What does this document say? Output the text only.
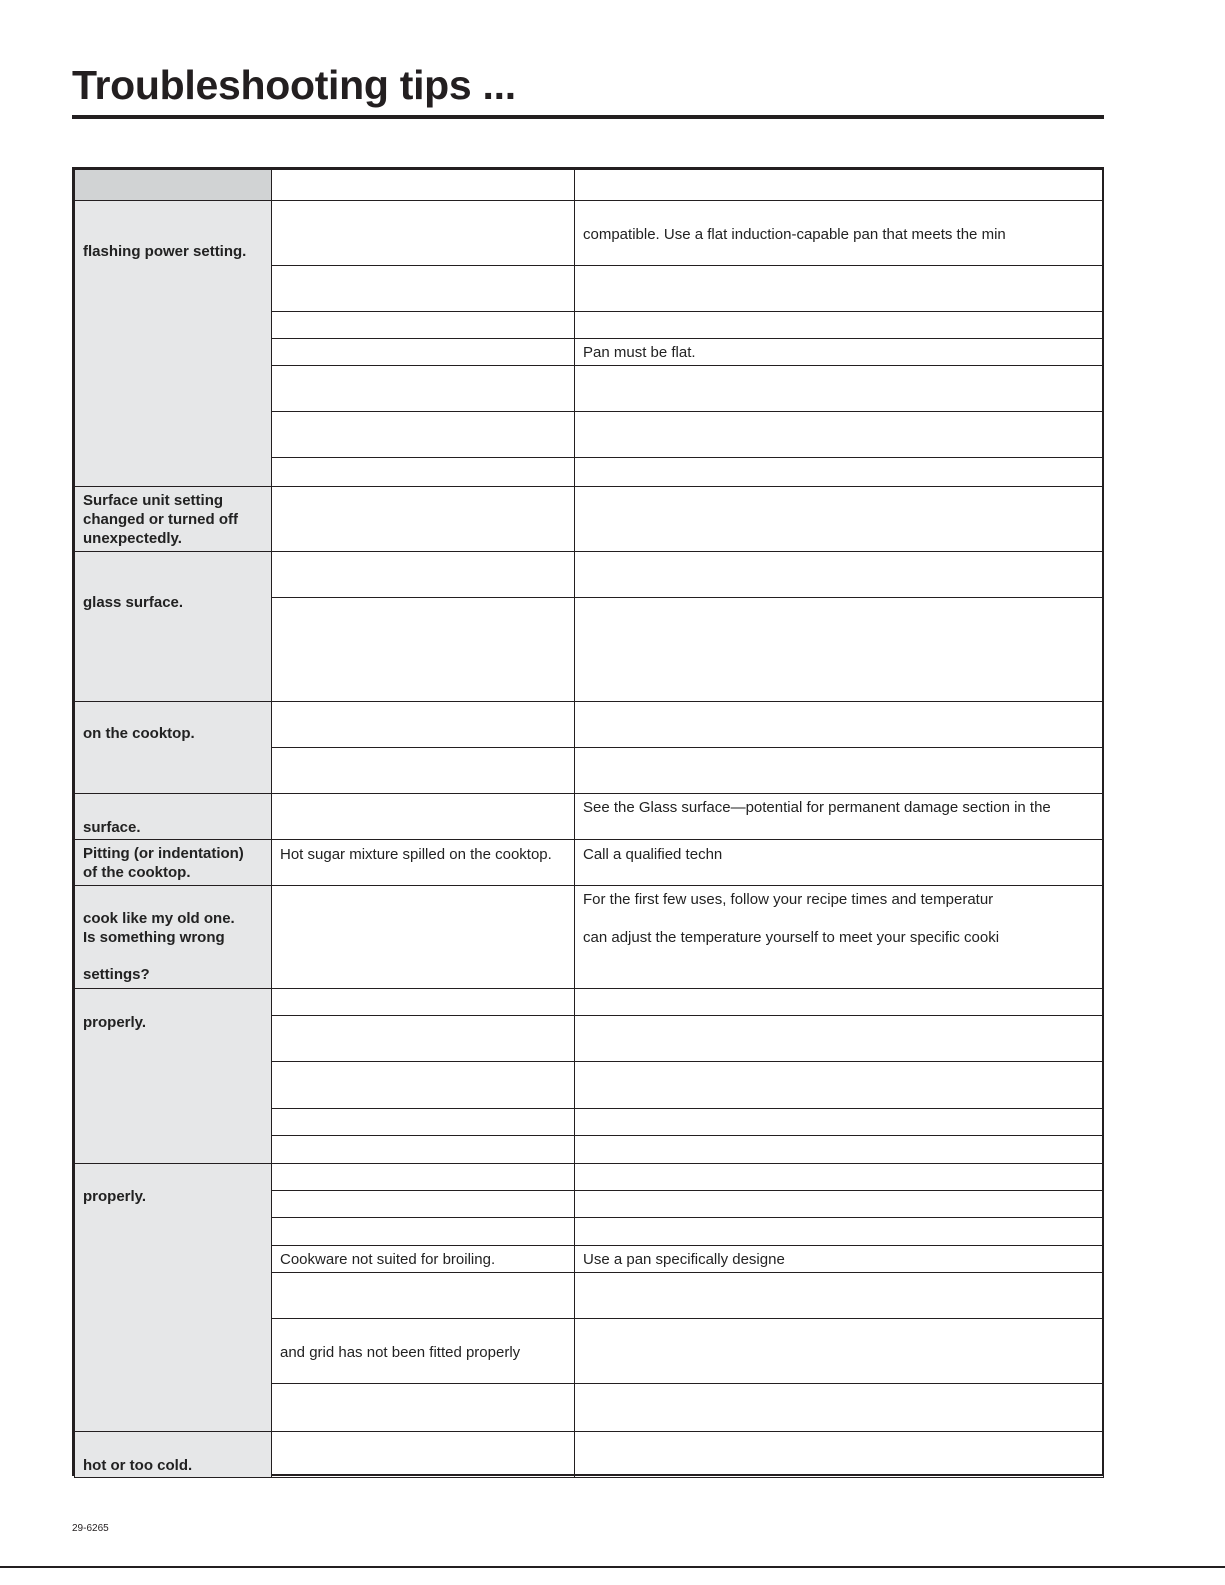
Troubleshooting tips ...
flashing power setting.
Surface unit setting
changed or turned off
unexpectedly.
glass surface.
on the cooktop.
surface.
Pitting (or indentation)
of the cooktop.
cook like my old one.
Is something wrong
settings?
properly.
properly.
hot or too cold.
Hot sugar mixture spilled on the cooktop.
Cookware not suited for broiling.
and grid has not been fitted properly
compatible. Use a flat induction-capable pan that meets the min
Pan must be flat.
See the Glass surface—potential for permanent damage section in the
Call a qualified techn
For the first few uses, follow your recipe times and temperatur
can adjust the temperature yourself to meet your specific cooki
Use a pan specifically designe
29-6265
